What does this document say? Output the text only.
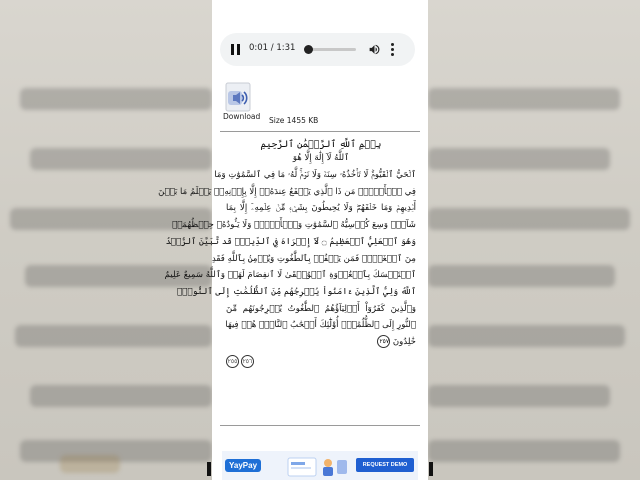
0:01 / 1:31
Download Size 1455 KB
بِسۡمِ ٱللَّهِ ٱلرَّحۡمَٰنِ ٱلرَّحِيمِ
ٱللَّهُ لَآ إِلَٰهَ إِلَّا هُوَ
ٱلۡحَيُّ ٱلۡقَيُّومُۚ لَا تَأۡخُذُهُۥ سِنَةٞ وَلَا نَوۡمٞۚ لَّهُۥ مَا فِي ٱلسَّمَٰوَٰتِ وَمَا
فِي ٱلۡأَرۡضِۗ مَن ذَا ٱلَّذِي يَشۡفَعُ عِندَهُۥٓ إِلَّا بِإِذۡنِهِۦۚ يَعۡلَمُ مَا بَيۡنَ
أَيۡدِيهِمۡ وَمَا خَلۡفَهُمۡۖ وَلَا يُحِيطُونَ بِشَيۡءٖ مِّنۡ عِلۡمِهِۦٓ إِلَّا بِمَا
شَآءَۚ وَسِعَ كُرۡسِيُّهُ ٱلسَّمَٰوَٰتِ وَٱلۡأَرۡضَۖ وَلَا يَـُٔودُهُۥ حِفۡظُهُمَاۚ
وَهُوَ ٱلۡعَلِيُّ ٱلۡعَظِيمُ ۝ لَآ إِكۡرَاهَ فِي ٱلدِّينِۖ قَد تَّبَيَّنَ ٱلرُّشۡدُ
مِنَ ٱلۡغَيِّۚ فَمَن يَكۡفُرۡ بِٱلطَّٰغُوتِ وَيُؤۡمِنۢ بِٱللَّهِ فَقَدِ
ٱسۡتَمۡسَكَ بِٱلۡعُرۡوَةِ ٱلۡوُثۡقَىٰ لَا ٱنفِصَامَ لَهَاۗ وَٱللَّهُ سَمِيعٌ عَلِيمٌ
ٱللَّهُ وَلِيُّ ٱلَّذِينَ ءَامَنُواْ يُخۡرِجُهُم مِّنَ ٱلظُّلُمَٰتِ إِلَى ٱلنُّورِۖ
وَٱلَّذِينَ كَفَرُوٓاْ أَوۡلِيَآؤُهُمُ ٱلطَّٰغُوتُ يُخۡرِجُونَهُم مِّنَ
ٱلنُّورِ إِلَى ٱلظُّلُمَٰتِۗ أُوْلَٰٓئِكَ أَصۡحَٰبُ ٱلنَّارِۖ هُمۡ فِيهَا
خَٰلِدُونَ ٢٥٧
٢٥٥ ٢٥٦
YayPay	REQUEST DEMO
